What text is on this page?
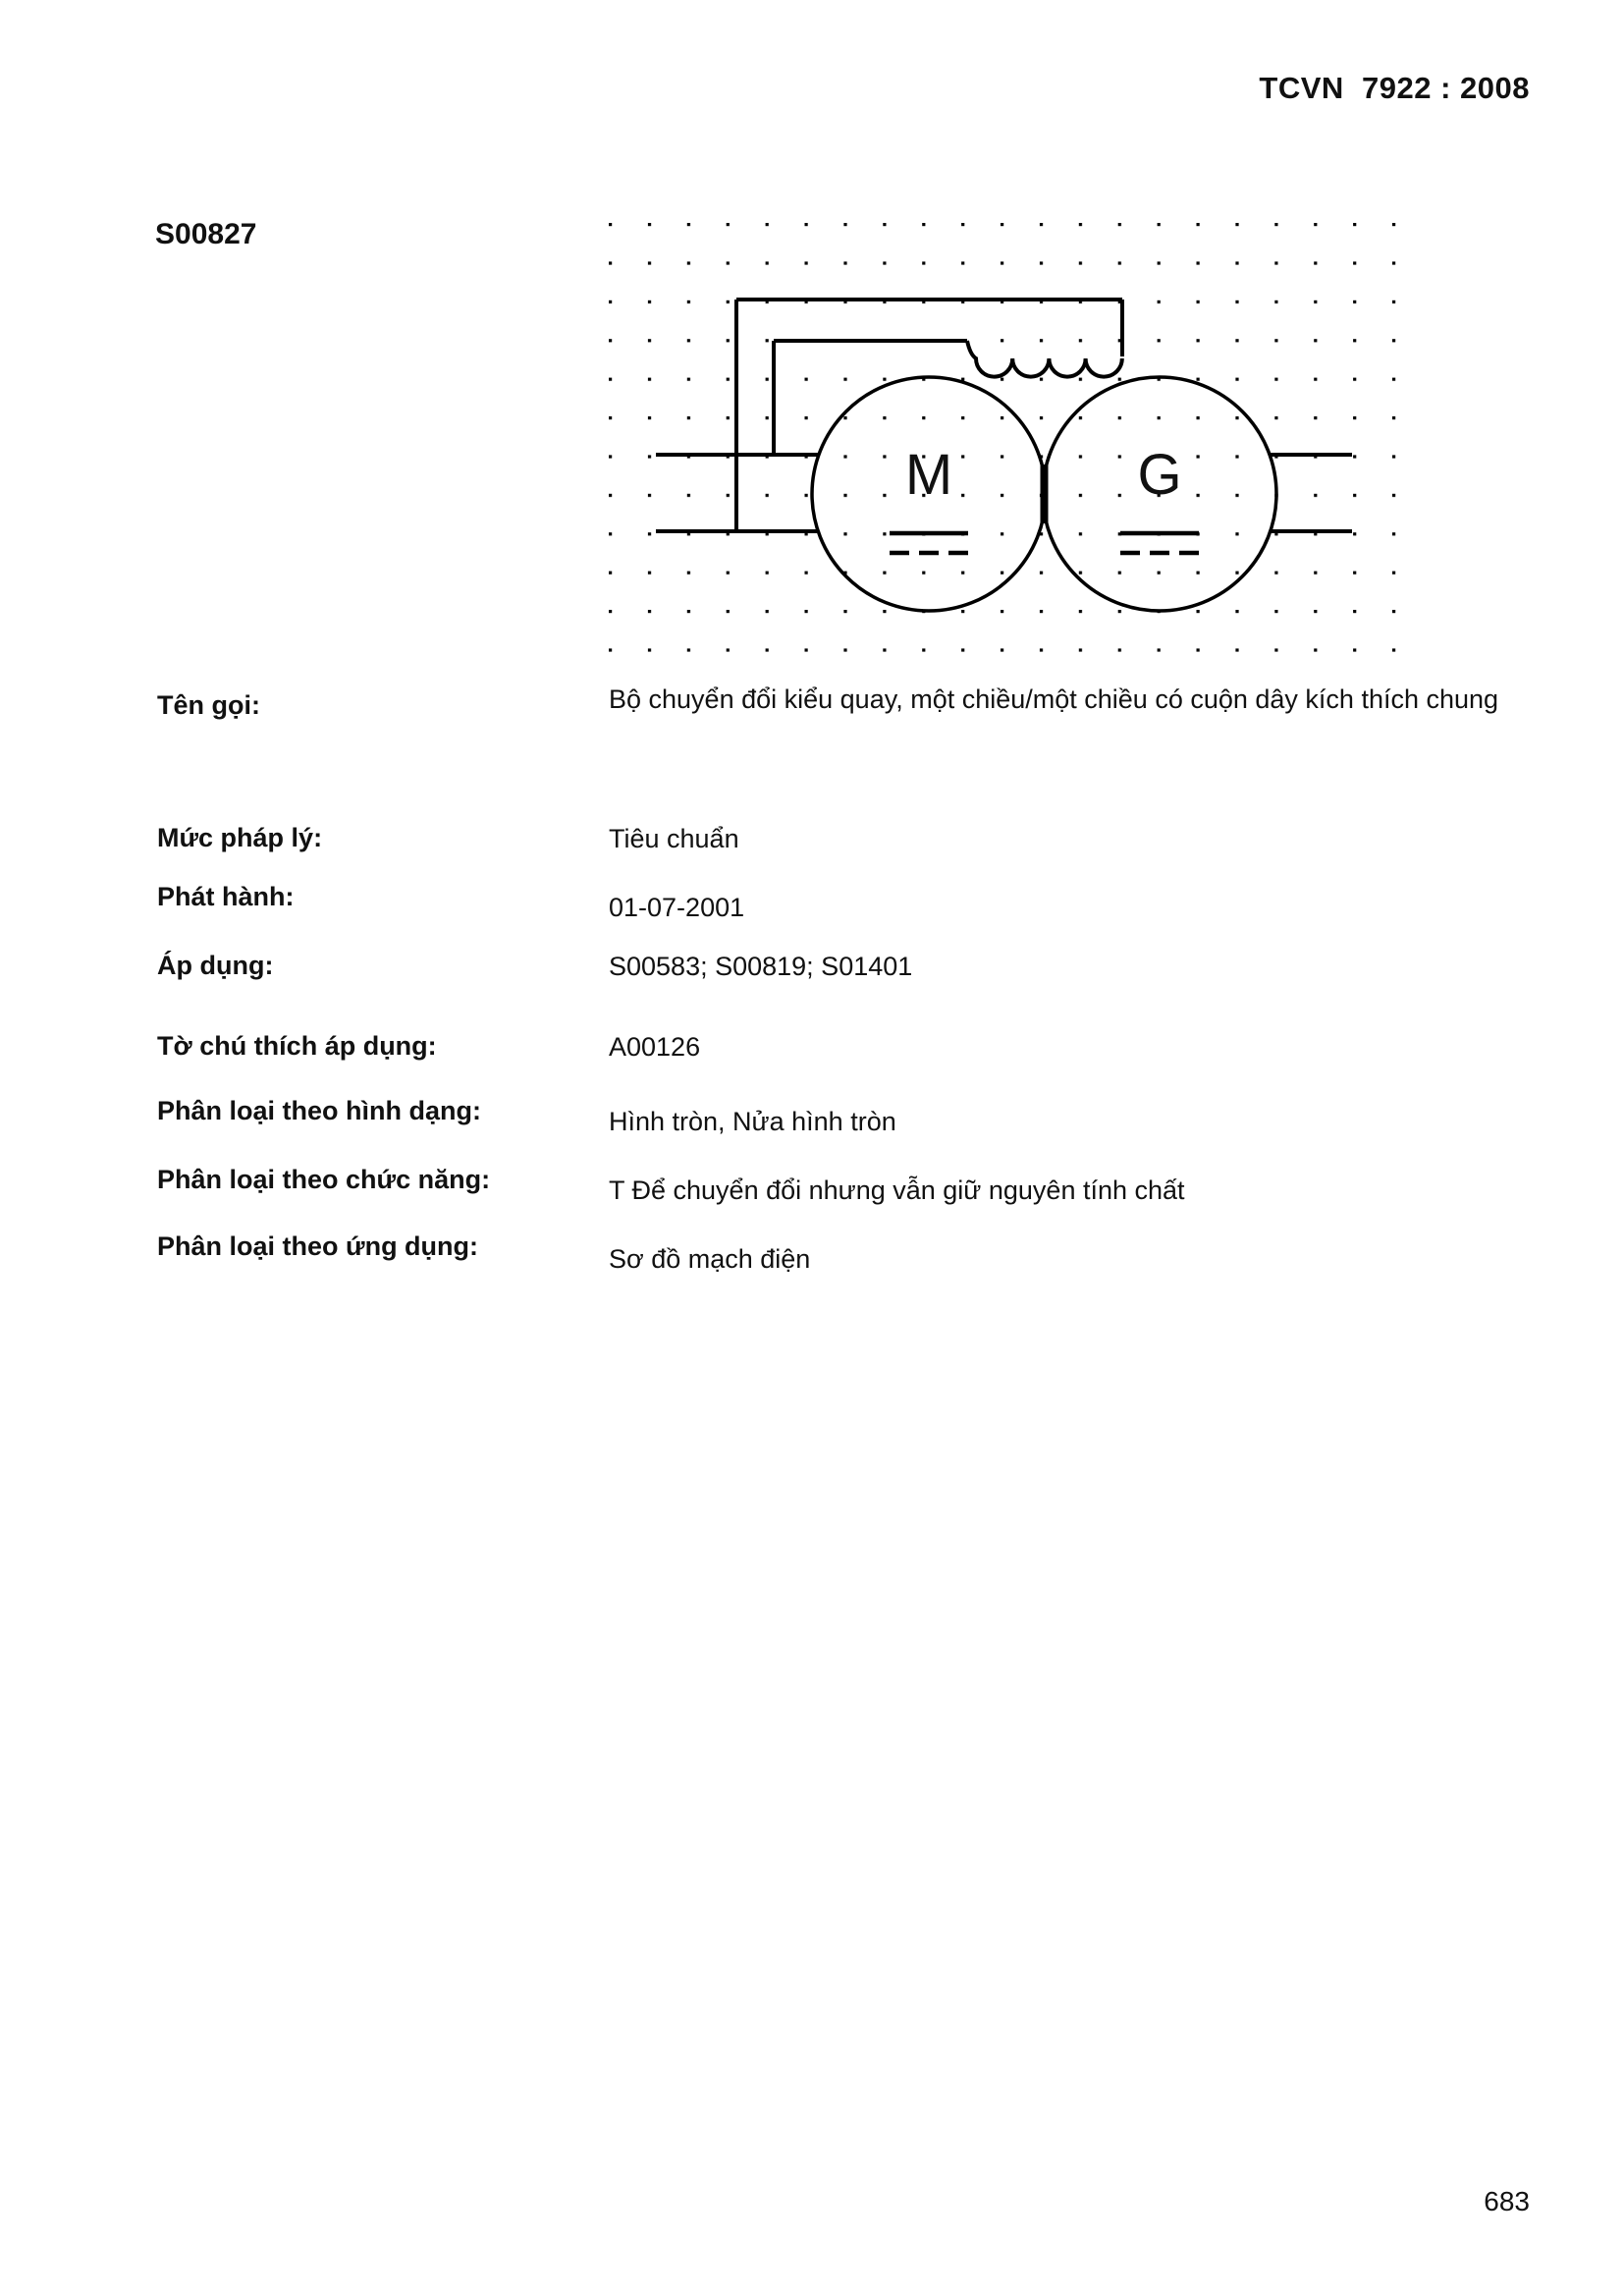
TCVN  7922 : 2008
S00827
M	G
Tên gọi:	Bộ chuyển đổi kiểu quay, một chiều/một chiều có cuộn dây kích thích chung
Mức pháp lý:	Tiêu chuẩn
Phát hành:	01-07-2001
Áp dụng:	S00583; S00819; S01401
Tờ chú thích áp dụng:	A00126
Phân loại theo hình dạng:	Hình tròn, Nửa hình tròn
Phân loại theo chức năng:	T Để chuyển đổi nhưng vẫn giữ nguyên tính chất
Phân loại theo ứng dụng:	Sơ đồ mạch điện
683
